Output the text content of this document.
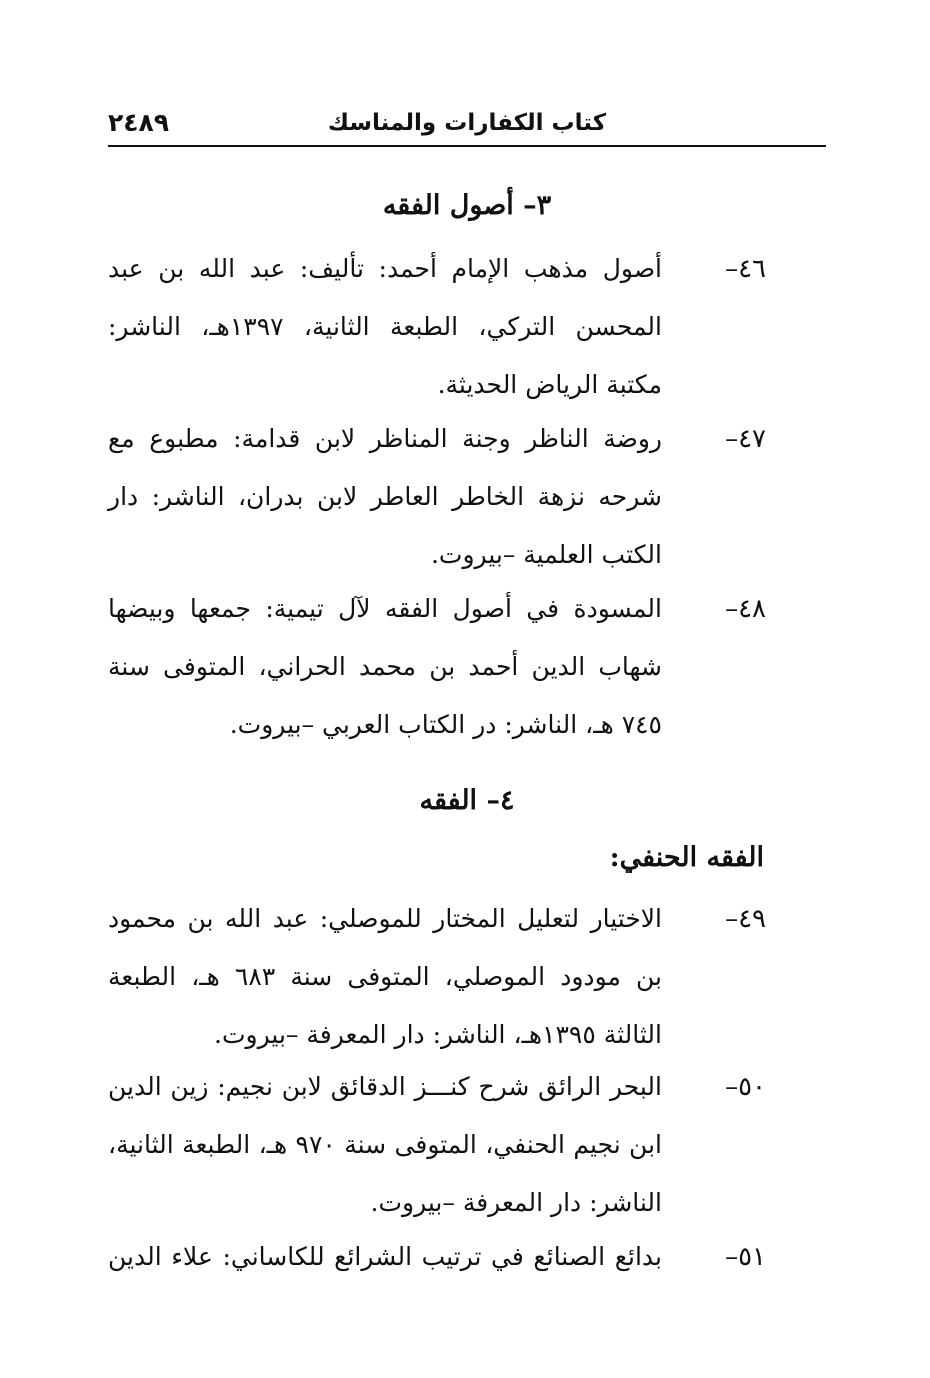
كتاب الكفارات والمناسك
٢٤٨٩
٣– أصول الفقه
٤٦–
أصول مذهب الإمام أحمد: تأليف: عبد الله بن عبد المحسن التركي، الطبعة الثانية، ١٣٩٧هـ، الناشر: مكتبة الرياض الحديثة.
٤٧–
روضة الناظر وجنة المناظر لابن قدامة: مطبوع مع شرحه نزهة الخاطر العاطر لابن بدران، الناشر: دار الكتب العلمية –بيروت.
٤٨–
المسودة في أصول الفقه لآل تيمية: جمعها وبيضها شهاب الدين أحمد بن محمد الحراني، المتوفى سنة ٧٤٥ هـ، الناشر: در الكتاب العربي –بيروت.
٤– الفقه
الفقه الحنفي:
٤٩–
الاختيار لتعليل المختار للموصلي: عبد الله بن محمود بن مودود الموصلي، المتوفى سنة ٦٨٣ هـ، الطبعة الثالثة ١٣٩٥هـ، الناشر: دار المعرفة –بيروت.
٥٠–
البحر الرائق شرح كنـــز الدقائق لابن نجيم: زين الدين ابن نجيم الحنفي، المتوفى سنة ٩٧٠ هـ، الطبعة الثانية، الناشر: دار المعرفة –بيروت.
٥١–
بدائع الصنائع في ترتيب الشرائع للكاساني: علاء الدين
